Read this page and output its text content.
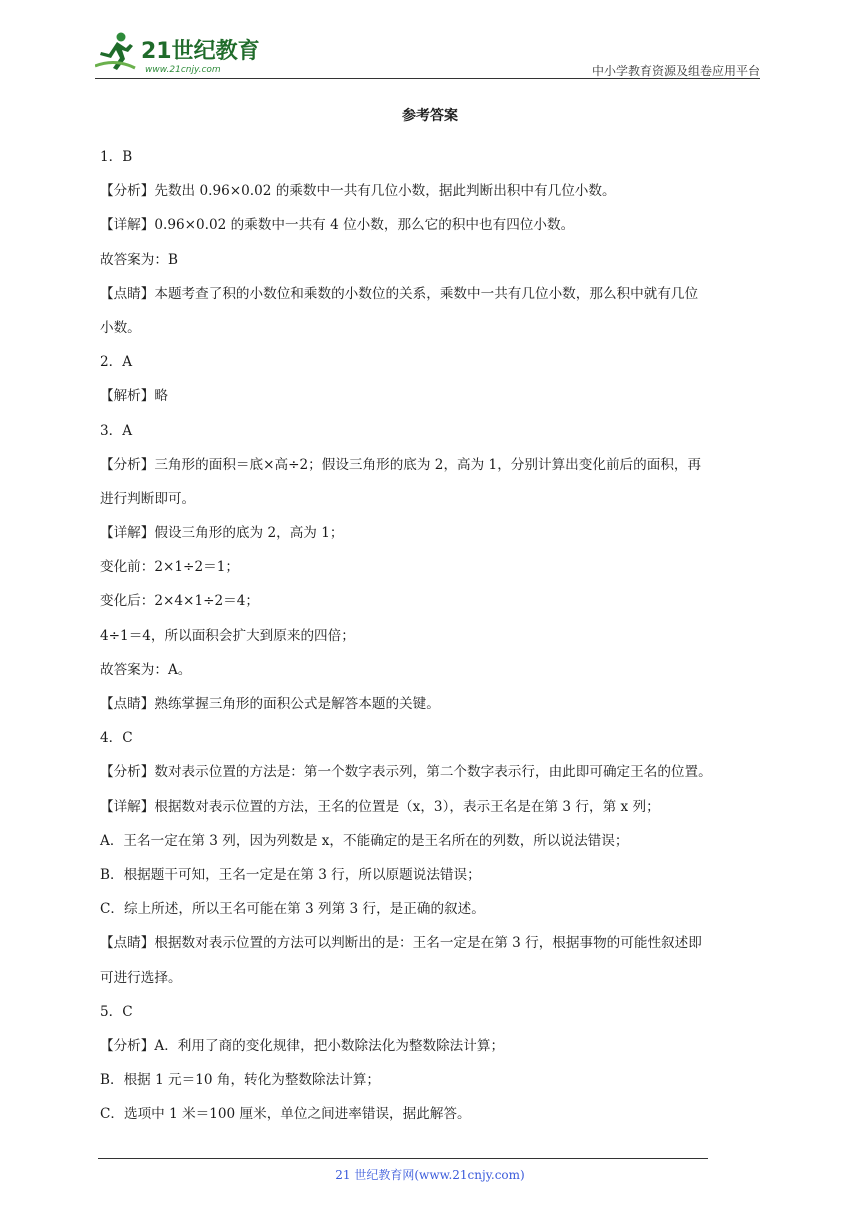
21世纪教育
www.21cnjy.com	中小学教育资源及组卷应用平台
参考答案
1．B
【分析】先数出 0.96×0.02 的乘数中一共有几位小数，据此判断出积中有几位小数。
【详解】0.96×0.02 的乘数中一共有 4 位小数，那么它的积中也有四位小数。
故答案为：B
【点睛】本题考查了积的小数位和乘数的小数位的关系，乘数中一共有几位小数，那么积中就有几位
小数。
2．A
【解析】略
3．A
【分析】三角形的面积＝底×高÷2；假设三角形的底为 2，高为 1，分别计算出变化前后的面积，再
进行判断即可。
【详解】假设三角形的底为 2，高为 1；
变化前：2×1÷2＝1；
变化后：2×4×1÷2＝4；
4÷1＝4，所以面积会扩大到原来的四倍；
故答案为：A。
【点睛】熟练掌握三角形的面积公式是解答本题的关键。
4．C
【分析】数对表示位置的方法是：第一个数字表示列，第二个数字表示行，由此即可确定王名的位置。
【详解】根据数对表示位置的方法，王名的位置是（x，3），表示王名是在第 3 行，第 x 列；
A．王名一定在第 3 列，因为列数是 x，不能确定的是王名所在的列数，所以说法错误；
B．根据题干可知，王名一定是在第 3 行，所以原题说法错误；
C．综上所述，所以王名可能在第 3 列第 3 行，是正确的叙述。
【点睛】根据数对表示位置的方法可以判断出的是：王名一定是在第 3 行，根据事物的可能性叙述即
可进行选择。
5．C
【分析】A．利用了商的变化规律，把小数除法化为整数除法计算；
B．根据 1 元＝10 角，转化为整数除法计算；
C．选项中 1 米＝100 厘米，单位之间进率错误，据此解答。
21 世纪教育网(www.21cnjy.com)
